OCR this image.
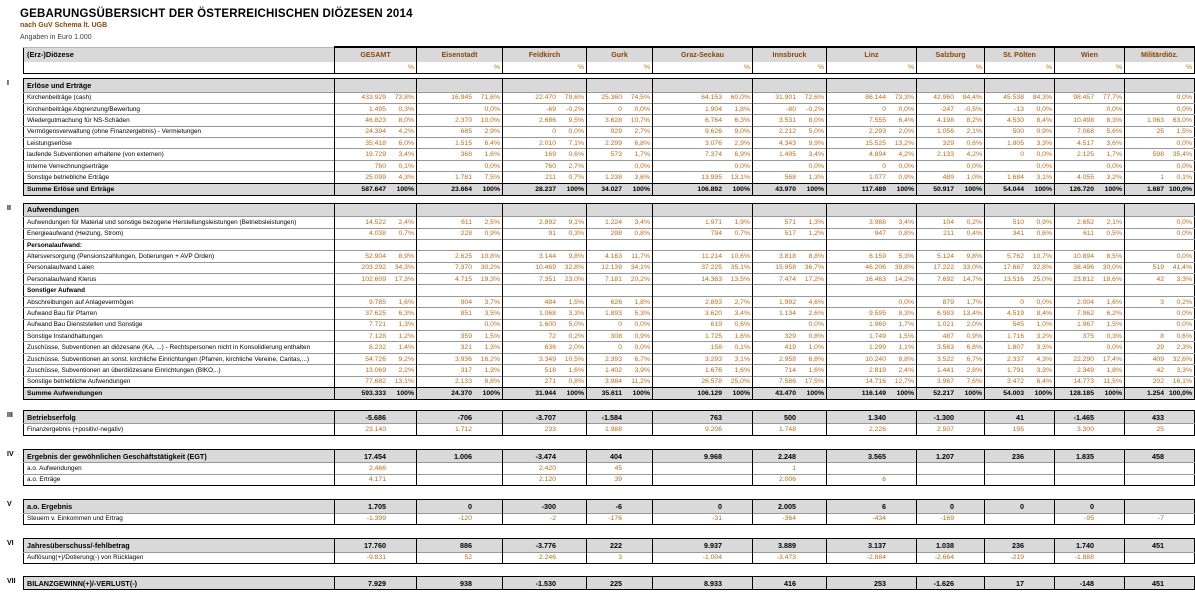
GEBARUNGSÜBERSICHT DER ÖSTERREICHISCHEN DIÖZESEN 2014
nach GuV Schema lt. UGB
Angaben in Euro 1.000
(Erz-)Diözese	GESAMT	Eisenstadt	Feldkirch	Gurk	Graz-Seckau	Innsbruck	Linz	Salzburg	St. Pölten	Wien	Militärdiöz.
	%	%	%	%	%	%	%	%	%	%	%
I	Erlöse und Erträge											
Kirchenbeiträge (cash)	433.929 73,8%	16.945 71,6%	22.470 79,6%	25.360 74,5%	64.153 60,0%	31.901 72,6%	86.144 73,3%	42.960 84,4%	45.538 84,3%	98.457 77,7%	0,0%
Kirchenbeiträge Abgrenzung/Bewertung	1.495 0,3%	0,0%	-69 -0,2%	0 0,0%	1.904 1,8%	-80 -0,2%	0 0,0%	-247 -0,5%	-13 0,0%	0,0%	0,0%
Wiedergutmachung für NS-Schäden	46.823 8,0%	2.370 10,0%	2.686 9,5%	3.628 10,7%	6.764 6,3%	3.531 8,0%	7.555 6,4%	4.198 8,2%	4.530 8,4%	10.498 8,3%	1.063 63,0%
Vermögensverwaltung (ohne Finanzergebnis) - Vermietungen	24.394 4,2%	685 2,9%	0 0,0%	929 2,7%	9.626 9,0%	2.212 5,0%	2.293 2,0%	1.056 2,1%	500 0,9%	7.068 5,6%	25 1,5%
Leistungserlöse	35.418 6,0%	1.515 6,4%	2.010 7,1%	2.299 6,8%	3.076 2,9%	4.343 9,9%	15.525 13,2%	329 0,6%	1.805 3,3%	4.517 3,6%	0,0%
laufende Subventionen erhaltene (von externen)	19.729 3,4%	368 1,6%	169 0,6%	573 1,7%	7.374 6,9%	1.495 3,4%	4.894 4,2%	2.133 4,2%	0 0,0%	2.125 1,7%	598 35,4%
Interne Verrechnungserträge	760 0,1%	0,0%	760 2,7%	0,0%	0,0%	0,0%	0 0,0%	0,0%	0,0%	0,0%	0,0%
Sonstige betriebliche Erträge	25.099 4,3%	1.781 7,5%	211 0,7%	1.238 3,6%	13.995 13,1%	568 1,3%	1.077 0,9%	489 1,0%	1.684 3,1%	4.055 3,2%	1 0,1%
Summe Erlöse und Erträge	587.647 100%	23.664 100%	28.237 100%	34.027 100%	106.892 100%	43.970 100%	117.489 100%	50.917 100%	54.044 100%	126.720 100%	1.687 100,0%
II	Aufwendungen											
Aufwendungen für Material und sonstige bezogene Herstellungsleistungen (Betriebsleistungen)	14.522 2,4%	611 2,5%	2.892 9,1%	1.224 3,4%	1.971 1,9%	571 1,3%	3.988 3,4%	104 0,2%	510 0,9%	2.652 2,1%	0,0%
Energieaufwand (Heizung, Strom)	4.038 0,7%	228 0,9%	91 0,3%	298 0,8%	794 0,7%	517 1,2%	947 0,8%	211 0,4%	341 0,6%	611 0,5%	0,0%
Personalaufwand:											
Altersversorgung (Pensionszahlungen, Dotierungen + AVP Orden)	52.904 8,9%	2.625 10,8%	3.144 9,8%	4.163 11,7%	11.214 10,6%	3.818 8,8%	6.159 5,3%	5.124 9,8%	5.762 10,7%	10.894 8,5%	0,0%
Personalaufwand Laien	203.292 34,3%	7.370 30,2%	10.469 32,8%	12.139 34,1%	37.225 35,1%	15.958 36,7%	46.206 39,8%	17.222 33,0%	17.687 32,8%	38.496 30,0%	519 41,4%
Personalaufwand Klerus	102.609 17,3%	4.715 19,3%	7.351 23,0%	7.181 20,2%	14.363 13,5%	7.474 17,2%	16.463 14,2%	7.692 14,7%	13.516 25,0%	23.812 18,6%	42 3,3%
Sonstiger Aufwand											
Abschreibungen auf Anlagevermögen	9.785 1,6%	904 3,7%	484 1,5%	626 1,8%	2.893 2,7%	1.992 4,6%	0,0%	879 1,7%	0 0,0%	2.004 1,6%	3 0,2%
Aufwand Bau für Pfarren	37.625 6,3%	851 3,5%	1.068 3,3%	1.893 5,3%	3.620 3,4%	1.134 2,6%	9.595 8,3%	6.983 13,4%	4.519 8,4%	7.962 6,2%	0,0%
Aufwand Bau Dienststellen und Sonstige	7.721 1,3%	0,0%	1.600 5,0%	0 0,0%	619 0,6%	0,0%	1.969 1,7%	1.021 2,0%	545 1,0%	1.967 1,5%	0,0%
Sonstige Instandhaltungen	7.128 1,2%	359 1,5%	72 0,2%	308 0,9%	1.725 1,6%	329 0,8%	1.749 1,5%	487 0,9%	1.716 3,2%	375 0,3%	8 0,6%
Zuschüsse, Subventionen an diözesane (KA, ...) - Rechtspersonen nicht in Konsolidierung enthalten	8.232 1,4%	321 1,3%	636 2,0%	0 0,0%	158 0,1%	419 1,0%	1.299 1,1%	3.563 6,8%	1.807 3,3%	0,0%	29 2,3%
Zuschüsse, Subventionen an sonst. kirchliche Einrichtungen (Pfarren, kirchliche Vereine, Caritas,...)	54.726 9,2%	3.936 16,2%	3.349 10,5%	2.393 6,7%	3.293 3,1%	2.958 6,8%	10.240 8,8%	3.522 6,7%	2.337 4,3%	22.290 17,4%	409 32,6%
Zuschüsse, Subventionen an überdiözesane Einrichtungen (BIKO,..)	13.069 2,2%	317 1,3%	518 1,6%	1.402 3,9%	1.676 1,6%	714 1,6%	2.819 2,4%	1.441 2,8%	1.791 3,3%	2.349 1,8%	42 3,3%
Sonstige betriebliche Aufwendungen	77.682 13,1%	2.133 8,8%	271 0,8%	3.984 11,2%	26.578 25,0%	7.586 17,5%	14.716 12,7%	3.967 7,6%	3.472 6,4%	14.773 11,5%	202 16,1%
Summe Aufwendungen	593.333 100%	24.370 100%	31.944 100%	35.611 100%	106.129 100%	43.470 100%	116.149 100%	52.217 100%	54.003 100%	128.185 100%	1.254 100,0%
III	Betriebserfolg	-5.686	-706	-3.707	-1.584	763	500	1.340	-1.300	41	-1.465	433
Finanzergebnis (+positiv/-negativ)	23.140	1.712	233	1.988	9.206	1.748	2.226	2.507	195	3.300	25
IV	Ergebnis der gewöhnlichen Geschäftstätigkeit (EGT)	17.454	1.006	-3.474	404	9.968	2.248	3.565	1.207	236	1.835	458
a.o. Aufwendungen	2.466		2.420	45		1					
a.o. Erträge	4.171		2.120	39		2.006	6				
V	a.o. Ergebnis	1.705	0	-300	-6	0	2.005	6	0	0	0	
Steuern v. Einkommen und Ertrag	-1.399	-120	-2	-176	-31	-364	-434	-169		-95	-7
VI	Jahresüberschuss/-fehlbetrag	17.760	886	-3.776	222	9.937	3.889	3.137	1.038	236	1.740	451
Auflösung(+)/Dotierung(-) von Rücklagen	-9.831	52	2.246	3	-1.004	-3.473	-2.884	-2.664	-219	-1.888	
VII	BILANZGEWINN(+)/-VERLUST(-)	7.929	938	-1.530	225	8.933	416	253	-1.626	17	-148	451
